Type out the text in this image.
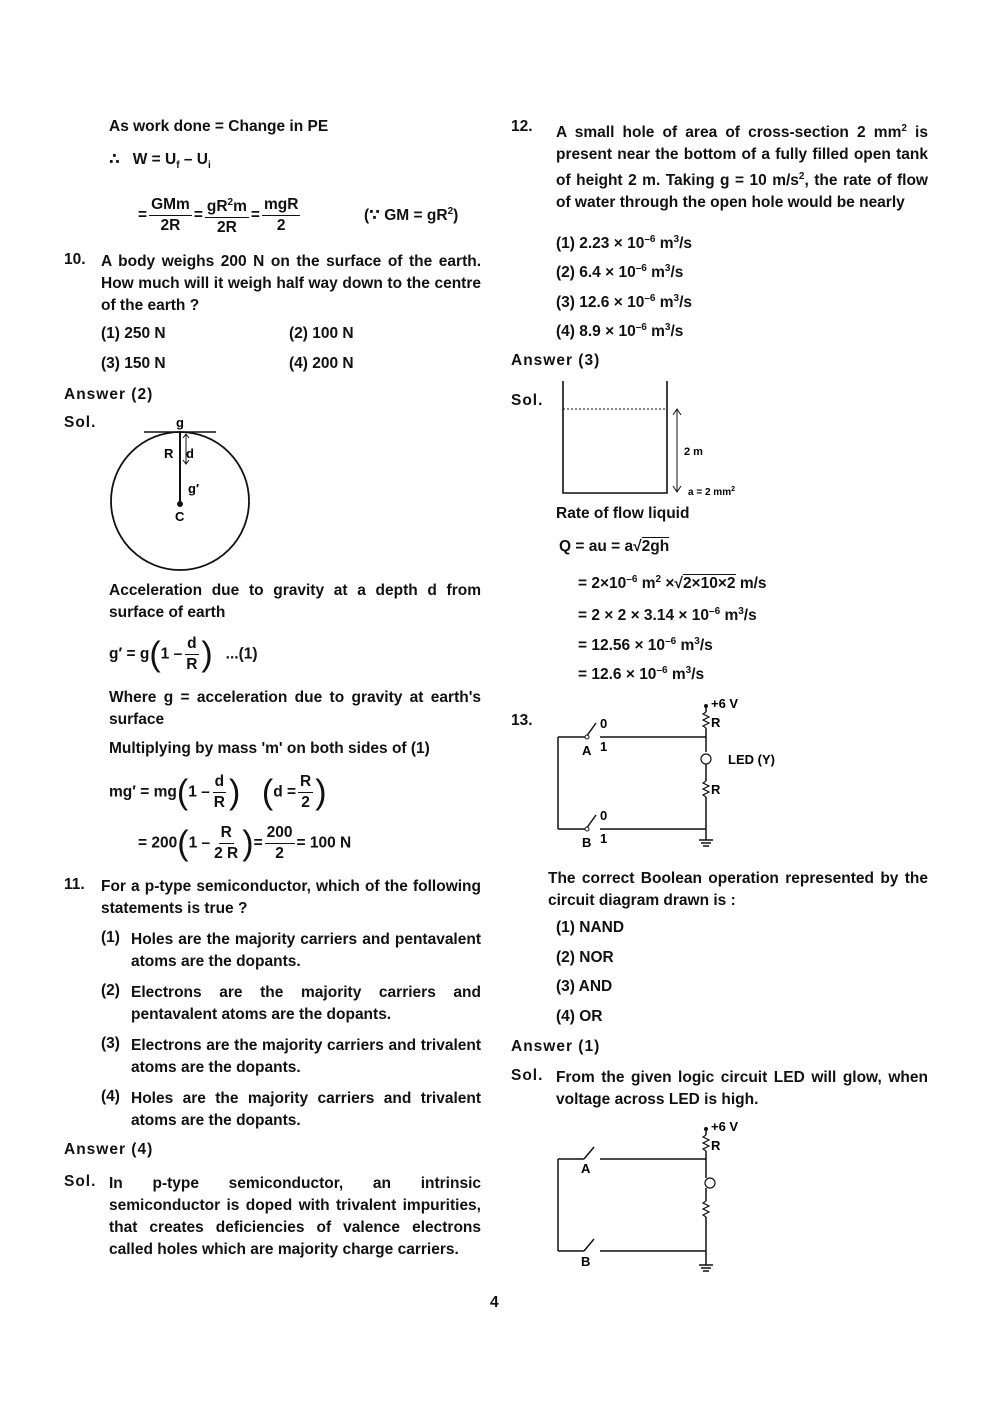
As work done = Change in PE
∴ $W = U_f - U_i$
= $\frac{\text{GMm}}{2R} = \frac{gR^2m}{2R} = \frac{\text{mgR}}{2}$	(∵ GM = $gR^2$)
10. A body weighs 200 N on the surface of the earth. How much will it weigh half way down to the centre of the earth ?
(1) 250 N	(2) 100 N
(3) 150 N	(4) 200 N
Answer (2)
Sol.	g
R d
g′
C
Acceleration due to gravity at a depth d from surface of earth
$g' = g(1 - \frac{d}{R}$ ) ...(1)
Where g = acceleration due to gravity at earth's surface
Multiplying by mass 'm' on both sides of (1)
$mg' = mg(1 - \frac{d}{R}$ ) ($d = \frac{R}{2}$ )
= $200(1 - \frac{R}{2 R}$ )= $\frac{200}{2} = 100$ N
11. For a p-type semiconductor, which of the following statements is true ?
(1) Holes are the majority carriers and pentavalent atoms are the dopants.
(2) Electrons are the majority carriers and pentavalent atoms are the dopants.
(3) Electrons are the majority carriers and trivalent atoms are the dopants.
(4) Holes are the majority carriers and trivalent atoms are the dopants.
Answer (4)
Sol. In p-type semiconductor, an intrinsic semiconductor is doped with trivalent impurities, that creates deficiencies of valence electrons called holes which are majority charge carriers.
12. A small hole of area of cross-section 2 $mm^2$ is present near the bottom of a fully filled open tank of height 2 m. Taking g = 10 $m/s^2$, the rate of flow of water through the open hole would be nearly
(1) $2.23 \times 10^{-6}$ $m^3/s$
(2) $6.4 \times 10^{-6}$ $m^3/s$
(3) $12.6 \times 10^{-6}$ $m^3/s$
(4) $8.9 \times 10^{-6}$ $m^3/s$
Answer (3)
Sol.
2 m
a = 2 $mm^2$
Rate of flow liquid
Q = au = a√2gh
= $2\times 10^{-6}$ $m^2 \times√2\times 10\times 2$ m/s
= $2 \times 2 \times 3.14 \times 10^{-6}$ $m^3/s$
= $12.56 \times 10^{-6}$ $m^3/s$
= $12.6 \times 10^{-6}$ $m^3/s$
13.
+6 V
R
LED (Y)
R
0
1
A
0
1
B
The correct Boolean operation represented by the circuit diagram drawn is :
(1) NAND
(2) NOR
(3) AND
(4) OR
Answer (1)
Sol. From the given logic circuit LED will glow, when voltage across LED is high.
+6 V
R
A
B
4
